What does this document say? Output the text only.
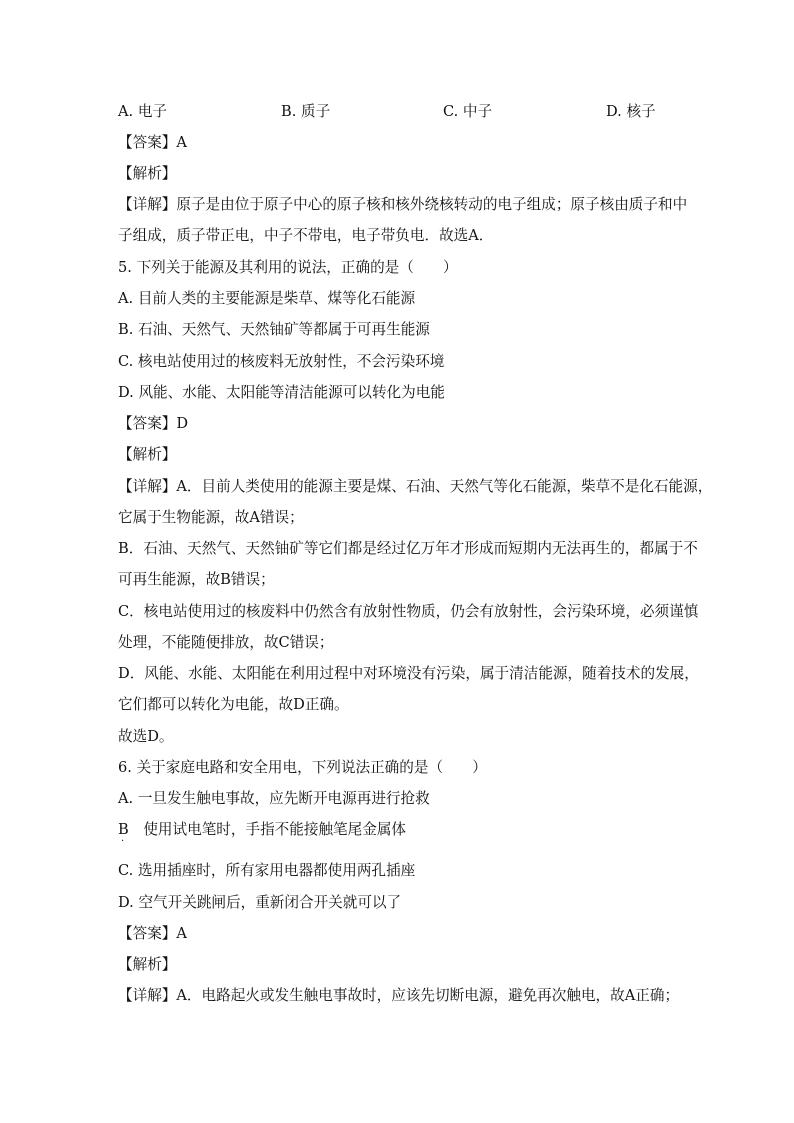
A. 电子	B. 质子	C. 中子	D. 核子
【答案】A
【解析】
【详解】原子是由位于原子中心的原子核和核外绕核转动的电子组成；原子核由质子和中
子组成，质子带正电，中子不带电，电子带负电．故选A．
5. 下列关于能源及其利用的说法，正确的是（　　）
A. 目前人类的主要能源是柴草、煤等化石能源
B. 石油、天然气、天然铀矿等都属于可再生能源
C. 核电站使用过的核废料无放射性，不会污染环境
D. 风能、水能、太阳能等清洁能源可以转化为电能
【答案】D
【解析】
【详解】A．目前人类使用的能源主要是煤、石油、天然气等化石能源，柴草不是化石能源，
它属于生物能源，故A错误；
B．石油、天然气、天然铀矿等它们都是经过亿万年才形成而短期内无法再生的，都属于不
可再生能源，故B错误；
C．核电站使用过的核废料中仍然含有放射性物质，仍会有放射性，会污染环境，必须谨慎
处理，不能随便排放，故C错误；
D．风能、水能、太阳能在利用过程中对环境没有污染，属于清洁能源，随着技术的发展，
它们都可以转化为电能，故D正确。
故选D。
6. 关于家庭电路和安全用电，下列说法正确的是（　　）
A. 一旦发生触电事故，应先断开电源再进行抢救
B　使用试电笔时，手指不能接触笔尾金属体
·
C. 选用插座时，所有家用电器都使用两孔插座
D. 空气开关跳闸后，重新闭合开关就可以了
【答案】A
【解析】
【详解】A．电路起火或发生触电事故时，应该先切断电源，避免再次触电，故A正确；
